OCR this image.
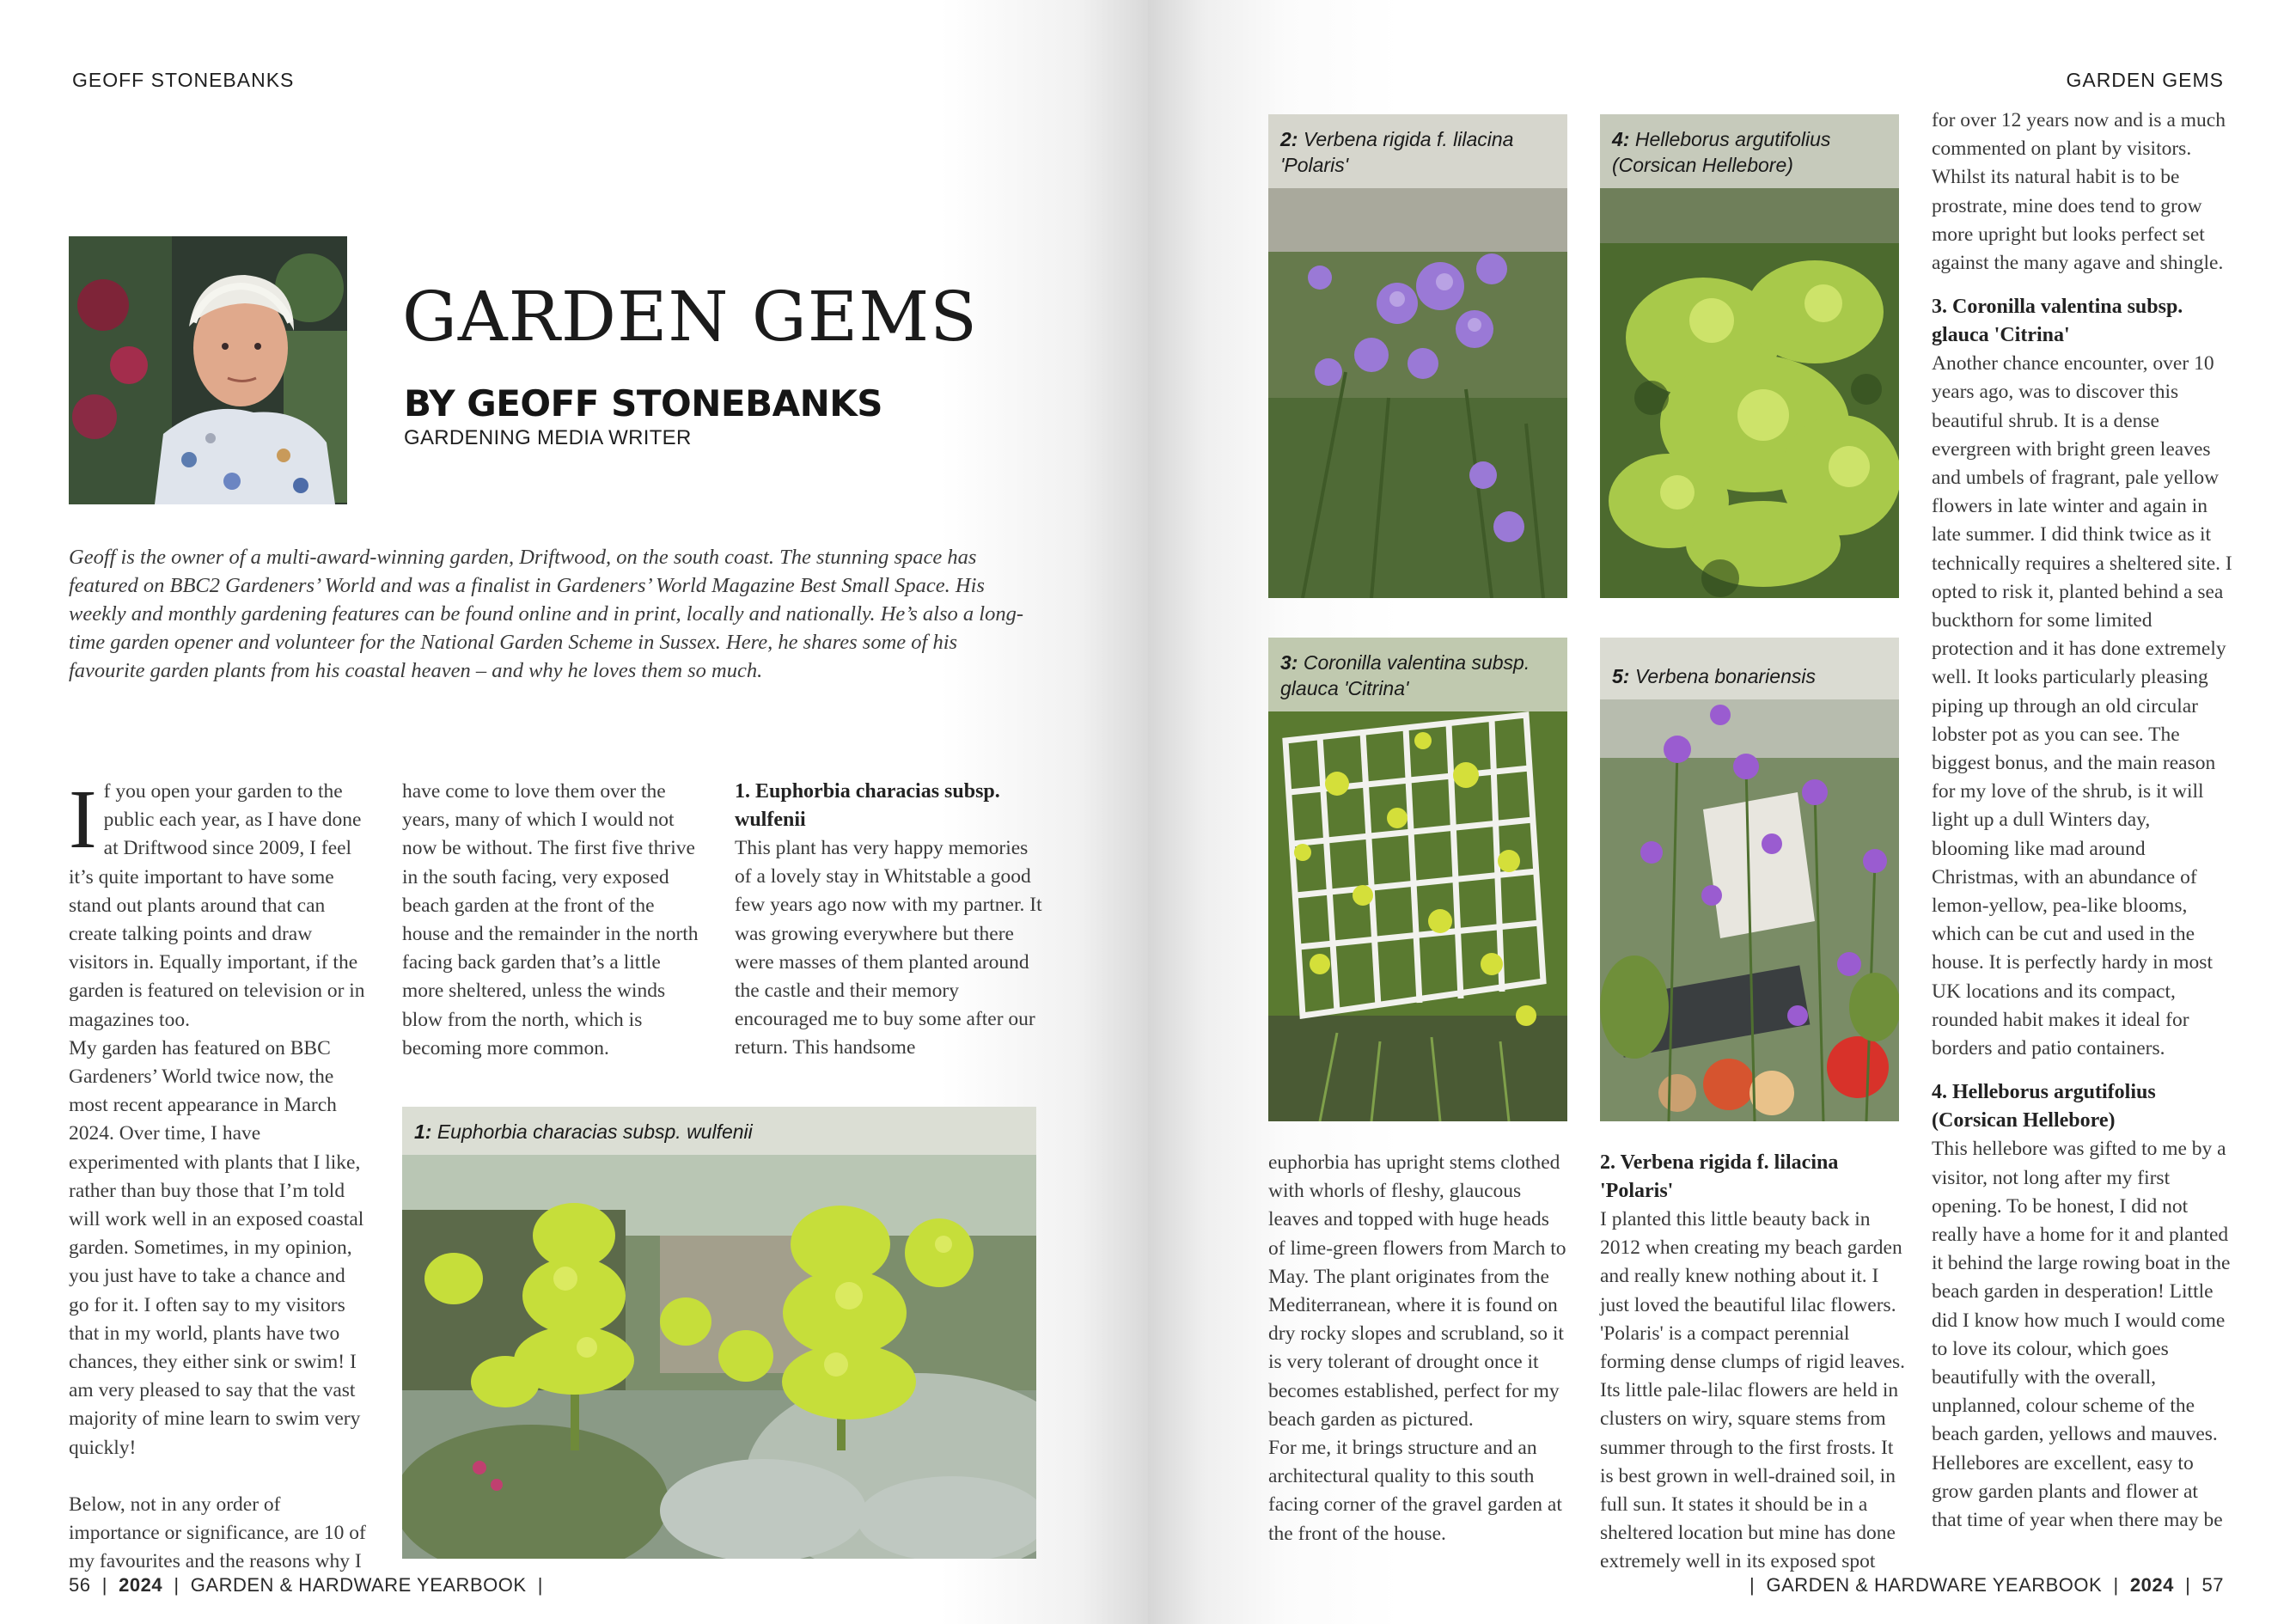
GEOFF STONEBANKS
GARDEN GEMS
BY GEOFF STONEBANKS
GARDENING MEDIA WRITER
Geoff is the owner of a multi-award-winning garden, Driftwood, on the south coast. The stunning space has featured on BBC2 Gardeners’ World and was a finalist in Gardeners’ World Magazine Best Small Space. His weekly and monthly gardening features can be found online and in print, locally and nationally. He’s also a long-time garden opener and volunteer for the National Garden Scheme in Sussex. Here, he shares some of his favourite garden plants from his coastal heaven – and why he loves them so much.

If you open your garden to the public each year, as I have done at Driftwood since 2009, I feel it’s quite important to have some stand out plants around that can create talking points and draw visitors in. Equally important, if the garden is featured on television or in magazines too.

My garden has featured on BBC Gardeners’ World twice now, the most recent appearance in March 2024. Over time, I have experimented with plants that I like, rather than buy those that I’m told will work well in an exposed coastal garden. Sometimes, in my opinion, you just have to take a chance and go for it. I often say to my visitors that in my world, plants have two chances, they either sink or swim! I am very pleased to say that the vast majority of mine learn to swim very quickly!

Below, not in any order of importance or significance, are 10 of my favourites and the reasons why I

have come to love them over the years, many of which I would not now be without. The first five thrive in the south facing, very exposed beach garden at the front of the house and the remainder in the north facing back garden that’s a little more sheltered, unless the winds blow from the north, which is becoming more common.

1. Euphorbia characias subsp. wulfenii

This plant has very happy memories of a lovely stay in Whitstable a good few years ago now with my partner. It was growing everywhere but there were masses of them planted around the castle and their memory encouraged me to buy some after our return. This handsome

1: Euphorbia characias subsp. wulfenii
56  |  2024  |  GARDEN & HARDWARE YEARBOOK  |
GARDEN GEMS
2: Verbena rigida f. lilacina 'Polaris'
4: Helleborus argutifolius (Corsican Hellebore)
3: Coronilla valentina subsp. glauca 'Citrina'
5: Verbena bonariensis

euphorbia has upright stems clothed with whorls of fleshy, glaucous leaves and topped with huge heads of lime-green flowers from March to May. The plant originates from the Mediterranean, where it is found on dry rocky slopes and scrubland, so it is very tolerant of drought once it becomes established, perfect for my beach garden as pictured.

For me, it brings structure and an architectural quality to this south facing corner of the gravel garden at the front of the house.

2. Verbena rigida f. lilacina 'Polaris'

I planted this little beauty back in 2012 when creating my beach garden and really knew nothing about it. I just loved the beautiful lilac flowers. 'Polaris' is a compact perennial forming dense clumps of rigid leaves. Its little pale-lilac flowers are held in clusters on wiry, square stems from summer through to the first frosts. It is best grown in well-drained soil, in full sun. It states it should be in a sheltered location but mine has done extremely well in its exposed spot

for over 12 years now and is a much commented on plant by visitors. Whilst its natural habit is to be prostrate, mine does tend to grow more upright but looks perfect set against the many agave and shingle.

3. Coronilla valentina subsp. glauca 'Citrina'

Another chance encounter, over 10 years ago, was to discover this beautiful shrub. It is a dense evergreen with bright green leaves and umbels of fragrant, pale yellow flowers in late winter and again in late summer. I did think twice as it technically requires a sheltered site. I opted to risk it, planted behind a sea buckthorn for some limited protection and it has done extremely well. It looks particularly pleasing piping up through an old circular lobster pot as you can see. The biggest bonus, and the main reason for my love of the shrub, is it will light up a dull Winters day, blooming like mad around Christmas, with an abundance of lemon-yellow, pea-like blooms, which can be cut and used in the house. It is perfectly hardy in most UK locations and its compact, rounded habit makes it ideal for borders and patio containers.

4. Helleborus argutifolius (Corsican Hellebore)

This hellebore was gifted to me by a visitor, not long after my first opening. To be honest, I did not really have a home for it and planted it behind the large rowing boat in the beach garden in desperation! Little did I know how much I would come to love its colour, which goes beautifully with the overall, unplanned, colour scheme of the beach garden, yellows and mauves. Hellebores are excellent, easy to grow garden plants and flower at that time of year when there may be

|  GARDEN & HARDWARE YEARBOOK  |  2024  |  57
